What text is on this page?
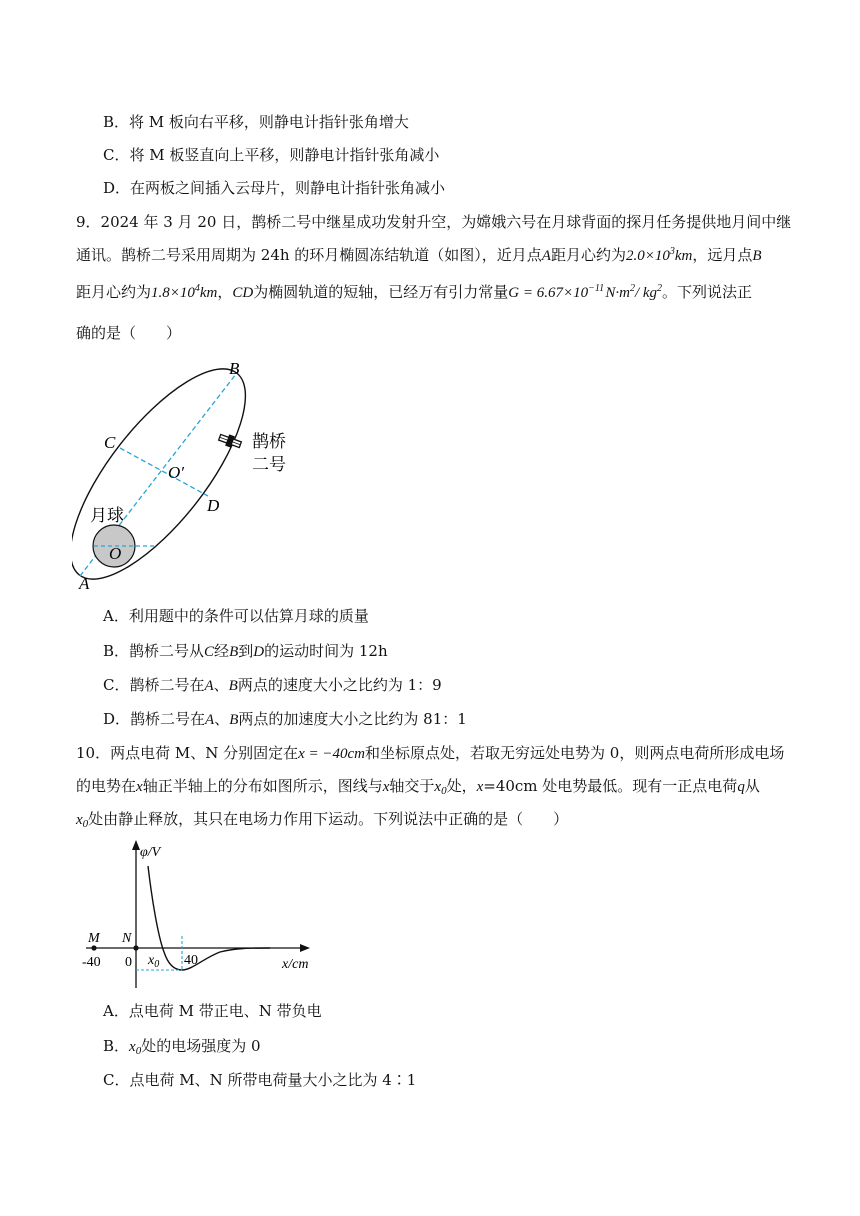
B．将 M 板向右平移，则静电计指针张角增大
C．将 M 板竖直向上平移，则静电计指针张角减小
D．在两板之间插入云母片，则静电计指针张角减小
9．2024 年 3 月 20 日，鹊桥二号中继星成功发射升空，为嫦娥六号在月球背面的探月任务提供地月间中继
通讯。鹊桥二号采用周期为 24h 的环月椭圆冻结轨道（如图），近月点A距月心约为$2.0\times 10^3km$，远月点B
距月心约为$1.8\times 10^4km$，CD为椭圆轨道的短轴，已经万有引力常量$G = 6.67\times 10^{-11}$ $N\cdot m^2/$ $kg^2$。下列说法正
确的是（　　）
B
C
O′
D
O
A
月球
鹊桥
二号
A．利用题中的条件可以估算月球的质量
B．鹊桥二号从C经B到D的运动时间为 12h
C．鹊桥二号在A、B两点的速度大小之比约为 1：9
D．鹊桥二号在A、B两点的加速度大小之比约为 81：1
10．两点电荷 M、N 分别固定在x = −40cm和坐标原点处，若取无穷远处电势为 0，则两点电荷所形成电场
的电势在x轴正半轴上的分布如图所示，图线与x轴交于$x_0$处，x=40cm 处电势最低。现有一正点电荷q从
$x_0$处由静止释放，其只在电场力作用下运动。下列说法中正确的是（　　）
φ/V
x/cm
M N
-40 0 $x_0$ 40
A．点电荷 M 带正电、N 带负电
B．$x_0$处的电场强度为 0
C．点电荷 M、N 所带电荷量大小之比为 4∶1
